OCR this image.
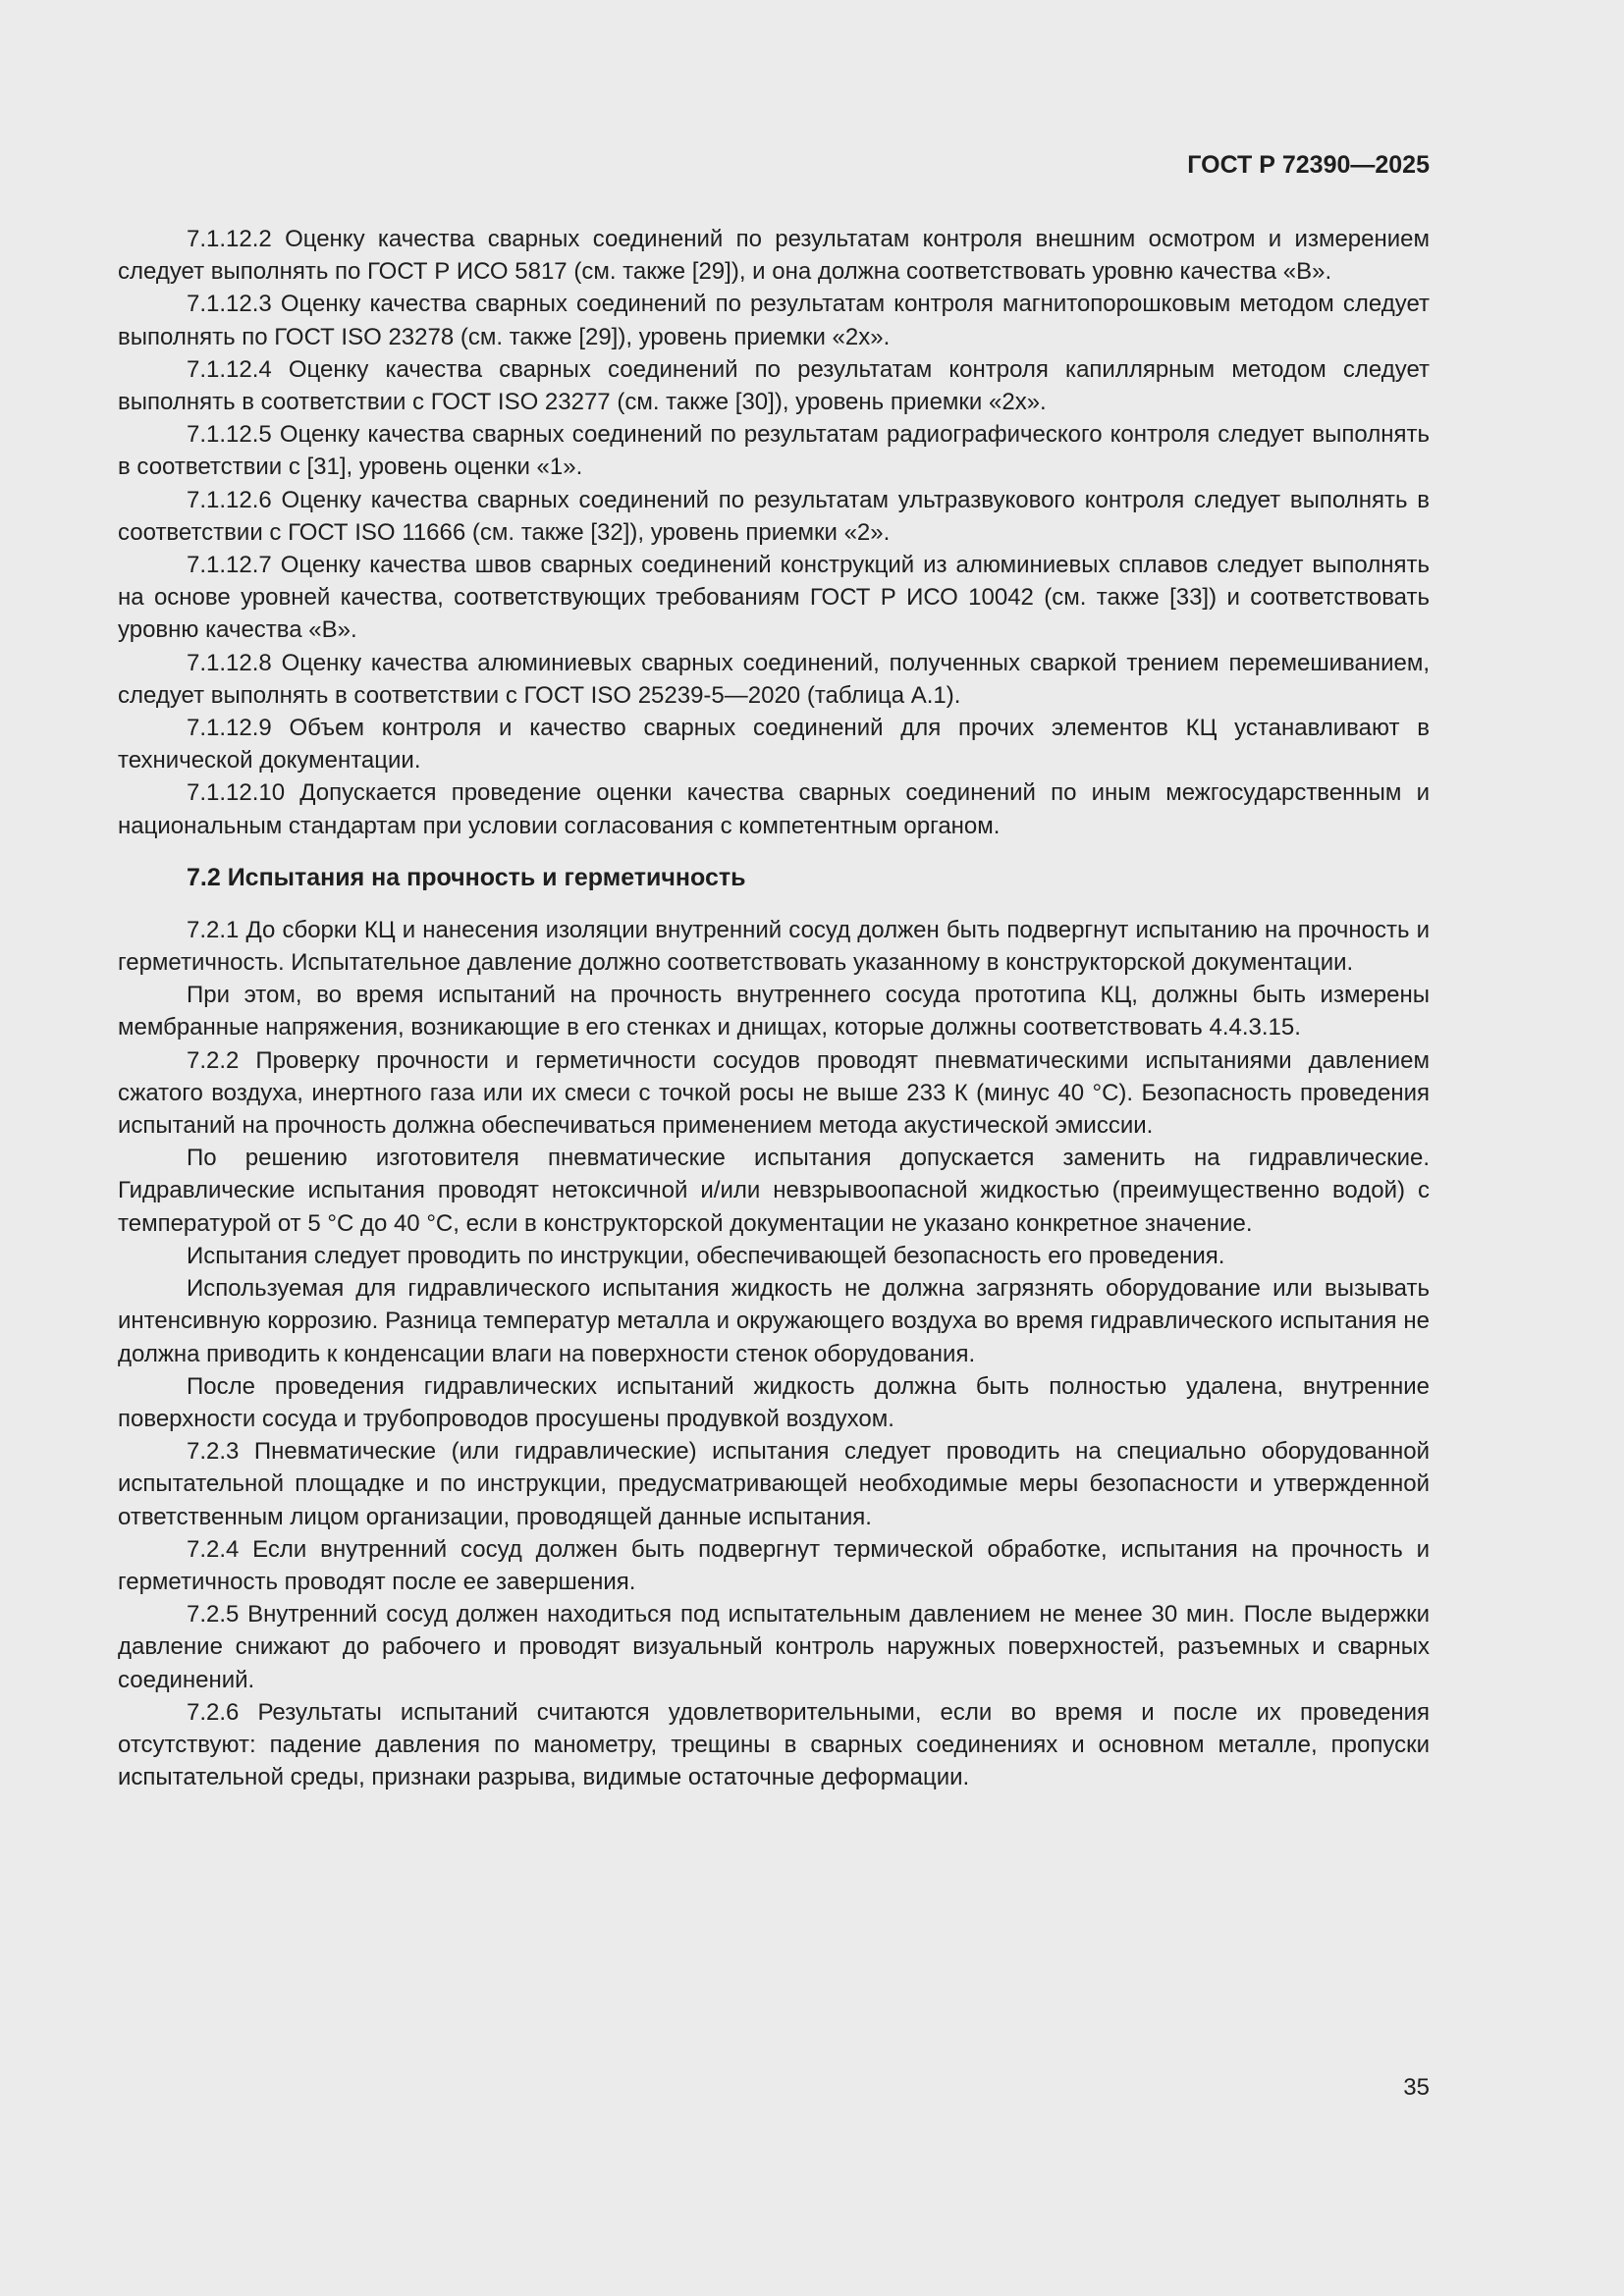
ГОСТ Р 72390—2025

7.1.12.2 Оценку качества сварных соединений по результатам контроля внешним осмотром и измерением следует выполнять по ГОСТ Р ИСО 5817 (см. также [29]), и она должна соответствовать уровню качества «В».

7.1.12.3 Оценку качества сварных соединений по результатам контроля магнитопорошковым методом следует выполнять по ГОСТ ISO 23278 (см. также [29]), уровень приемки «2х».

7.1.12.4 Оценку качества сварных соединений по результатам контроля капиллярным методом следует выполнять в соответствии с ГОСТ ISO 23277 (см. также [30]), уровень приемки «2х».

7.1.12.5 Оценку качества сварных соединений по результатам радиографического контроля следует выполнять в соответствии с [31], уровень оценки «1».

7.1.12.6 Оценку качества сварных соединений по результатам ультразвукового контроля следует выполнять в соответствии с ГОСТ ISO 11666 (см. также [32]), уровень приемки «2».

7.1.12.7 Оценку качества швов сварных соединений конструкций из алюминиевых сплавов следует выполнять на основе уровней качества, соответствующих требованиям ГОСТ Р ИСО 10042 (см. также [33]) и соответствовать уровню качества «В».

7.1.12.8 Оценку качества алюминиевых сварных соединений, полученных сваркой трением перемешиванием, следует выполнять в соответствии с ГОСТ ISO 25239-5—2020 (таблица А.1).

7.1.12.9 Объем контроля и качество сварных соединений для прочих элементов КЦ устанавливают в технической документации.

7.1.12.10 Допускается проведение оценки качества сварных соединений по иным межгосударственным и национальным стандартам при условии согласования с компетентным органом.

7.2 Испытания на прочность и герметичность

7.2.1 До сборки КЦ и нанесения изоляции внутренний сосуд должен быть подвергнут испытанию на прочность и герметичность. Испытательное давление должно соответствовать указанному в конструкторской документации.

При этом, во время испытаний на прочность внутреннего сосуда прототипа КЦ, должны быть измерены мембранные напряжения, возникающие в его стенках и днищах, которые должны соответствовать 4.4.3.15.

7.2.2 Проверку прочности и герметичности сосудов проводят пневматическими испытаниями давлением сжатого воздуха, инертного газа или их смеси с точкой росы не выше 233 К (минус 40 °С). Безопасность проведения испытаний на прочность должна обеспечиваться применением метода акустической эмиссии.

По решению изготовителя пневматические испытания допускается заменить на гидравлические. Гидравлические испытания проводят нетоксичной и/или невзрывоопасной жидкостью (преимущественно водой) с температурой от 5 °С до 40 °С, если в конструкторской документации не указано конкретное значение.

Испытания следует проводить по инструкции, обеспечивающей безопасность его проведения.

Используемая для гидравлического испытания жидкость не должна загрязнять оборудование или вызывать интенсивную коррозию. Разница температур металла и окружающего воздуха во время гидравлического испытания не должна приводить к конденсации влаги на поверхности стенок оборудования.

После проведения гидравлических испытаний жидкость должна быть полностью удалена, внутренние поверхности сосуда и трубопроводов просушены продувкой воздухом.

7.2.3 Пневматические (или гидравлические) испытания следует проводить на специально оборудованной испытательной площадке и по инструкции, предусматривающей необходимые меры безопасности и утвержденной ответственным лицом организации, проводящей данные испытания.

7.2.4 Если внутренний сосуд должен быть подвергнут термической обработке, испытания на прочность и герметичность проводят после ее завершения.

7.2.5 Внутренний сосуд должен находиться под испытательным давлением не менее 30 мин. После выдержки давление снижают до рабочего и проводят визуальный контроль наружных поверхностей, разъемных и сварных соединений.

7.2.6 Результаты испытаний считаются удовлетворительными, если во время и после их проведения отсутствуют: падение давления по манометру, трещины в сварных соединениях и основном металле, пропуски испытательной среды, признаки разрыва, видимые остаточные деформации.

35
